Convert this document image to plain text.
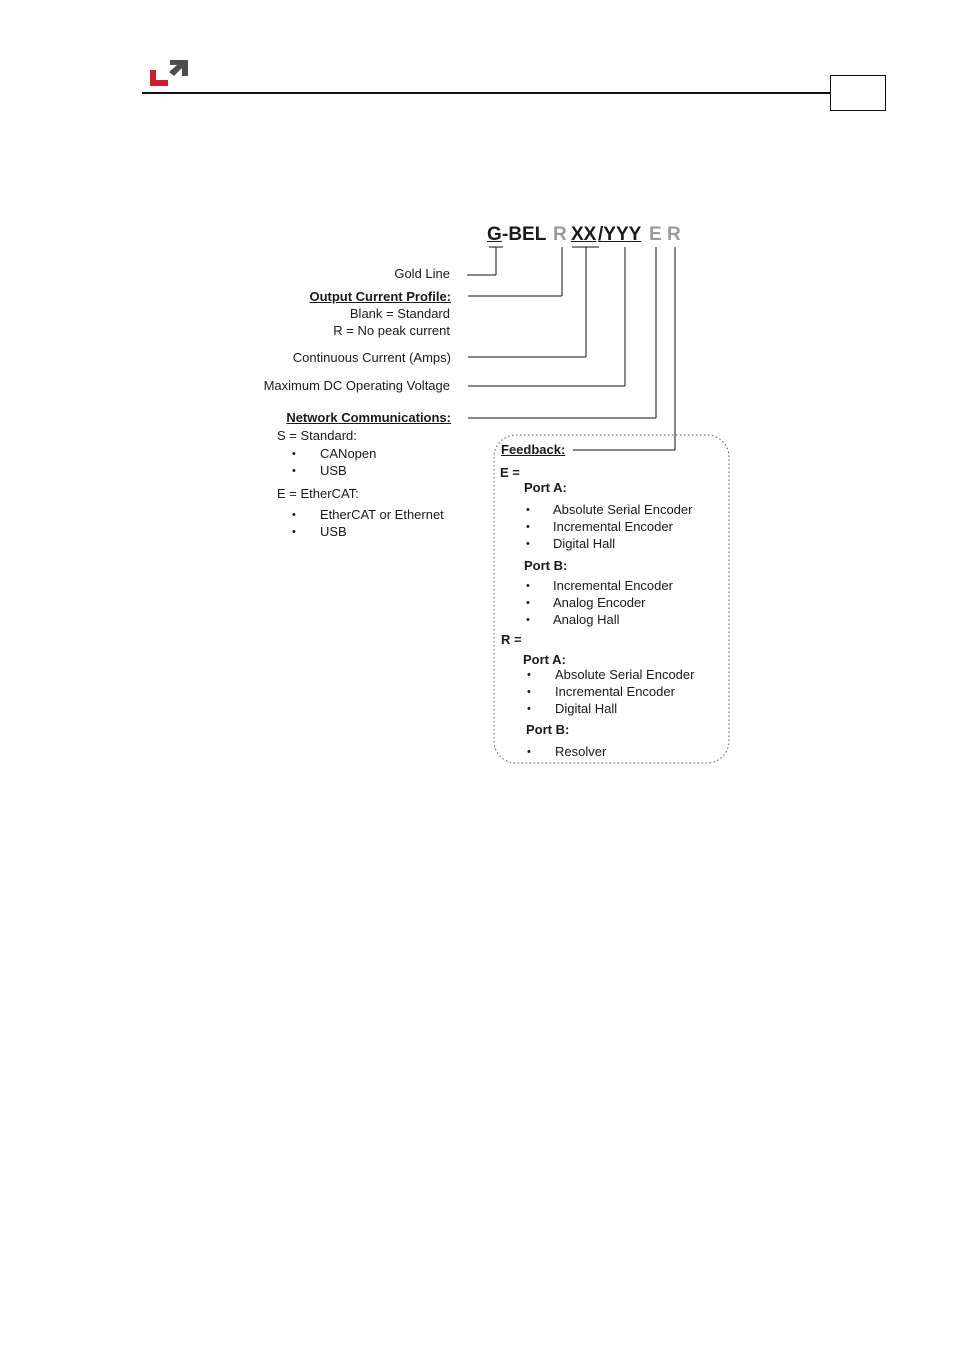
G -BEL R XX /YYY E R
Gold Line
Output Current Profile:
Blank = Standard
R = No peak current
Continuous Current (Amps)
Maximum DC Operating Voltage
Network Communications:
S = Standard:
• CANopen
• USB
E = EtherCAT:
• EtherCAT or Ethernet
• USB
Feedback:
E =
Port A:
• Absolute Serial Encoder
• Incremental Encoder
• Digital Hall
Port B:
• Incremental Encoder
• Analog Encoder
• Analog Hall
R =
Port A:
• Absolute Serial Encoder
• Incremental Encoder
• Digital Hall
Port B:
• Resolver
